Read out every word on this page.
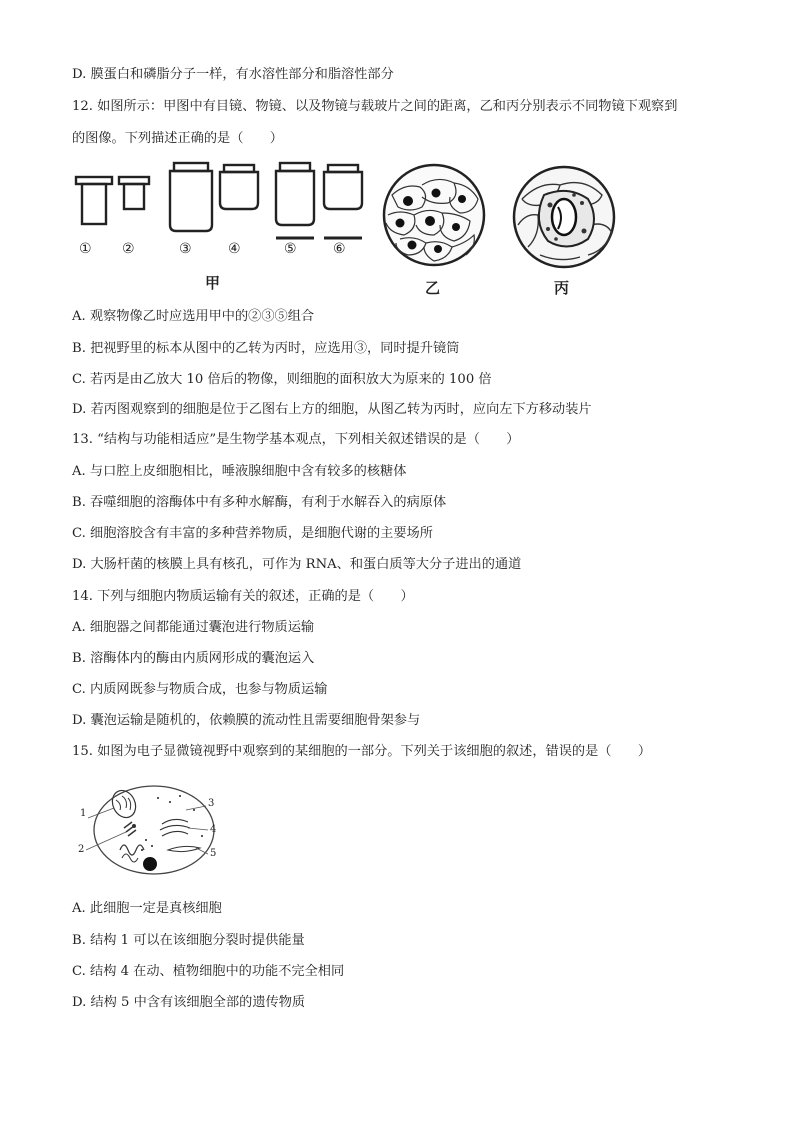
D. 膜蛋白和磷脂分子一样，有水溶性部分和脂溶性部分
12. 如图所示：甲图中有目镜、物镜、以及物镜与载玻片之间的距离，乙和丙分别表示不同物镜下观察到
的图像。下列描述正确的是（　　）
① ②	③	④	⑤	⑥
甲	乙	丙
A. 观察物像乙时应选用甲中的②③⑤组合
B. 把视野里的标本从图中的乙转为丙时，应选用③，同时提升镜筒
C. 若丙是由乙放大 10 倍后的物像，则细胞的面积放大为原来的 100 倍
D. 若丙图观察到的细胞是位于乙图右上方的细胞，从图乙转为丙时，应向左下方移动装片
13. “结构与功能相适应”是生物学基本观点，下列相关叙述错误的是（　　）
A. 与口腔上皮细胞相比，唾液腺细胞中含有较多的核糖体
B. 吞噬细胞的溶酶体中有多种水解酶，有利于水解吞入的病原体
C. 细胞溶胶含有丰富的多种营养物质，是细胞代谢的主要场所
D. 大肠杆菌的核膜上具有核孔，可作为 RNA、和蛋白质等大分子进出的通道
14. 下列与细胞内物质运输有关的叙述，正确的是（　　）
A. 细胞器之间都能通过囊泡进行物质运输
B. 溶酶体内的酶由内质网形成的囊泡运入
C. 内质网既参与物质合成，也参与物质运输
D. 囊泡运输是随机的，依赖膜的流动性且需要细胞骨架参与
15. 如图为电子显微镜视野中观察到的某细胞的一部分。下列关于该细胞的叙述，错误的是（　　）
1
2
3
4
5
A. 此细胞一定是真核细胞
B. 结构 1 可以在该细胞分裂时提供能量
C. 结构 4 在动、植物细胞中的功能不完全相同
D. 结构 5 中含有该细胞全部的遗传物质
